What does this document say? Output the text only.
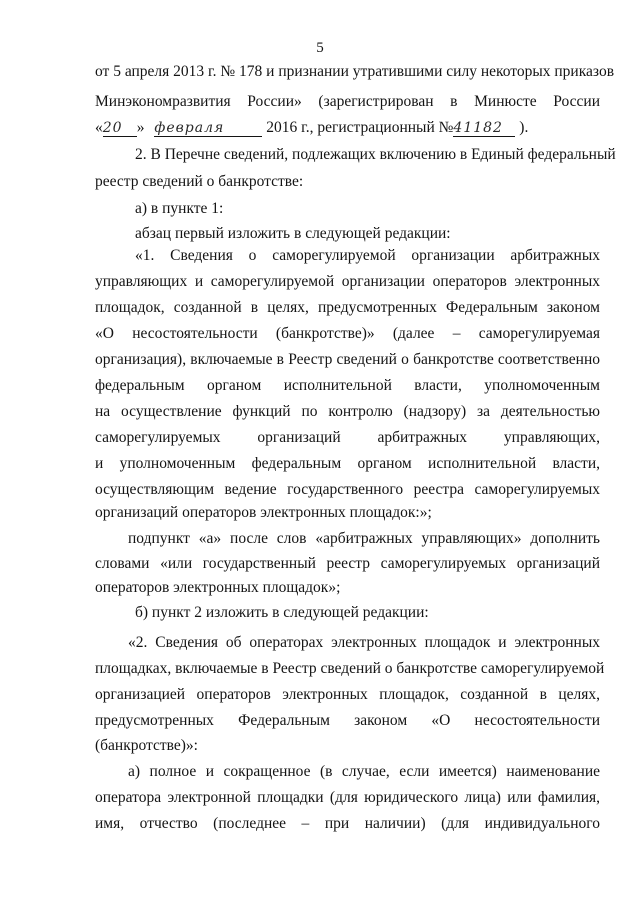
5
от 5 апреля 2013 г. № 178 и признании утратившими силу некоторых приказов
Минэкономразвития России» (зарегистрирован в Минюсте России
«20 » февраля	2016 г., регистрационный №41182 ).
2. В Перечне сведений, подлежащих включению в Единый федеральный
реестр сведений о банкротстве:
а) в пункте 1:
абзац первый изложить в следующей редакции:
«1. Сведения о саморегулируемой организации арбитражных
управляющих и саморегулируемой организации операторов электронных
площадок, созданной в целях, предусмотренных Федеральным законом
«О несостоятельности (банкротстве)» (далее – саморегулируемая
организация), включаемые в Реестр сведений о банкротстве соответственно
федеральным органом исполнительной власти, уполномоченным
на осуществление функций по контролю (надзору) за деятельностью
саморегулируемых организаций арбитражных управляющих,
и уполномоченным федеральным органом исполнительной власти,
осуществляющим ведение государственного реестра саморегулируемых
организаций операторов электронных площадок:»;
подпункт «а» после слов «арбитражных управляющих» дополнить
словами «или государственный реестр саморегулируемых организаций
операторов электронных площадок»;
б) пункт 2 изложить в следующей редакции:
«2. Сведения об операторах электронных площадок и электронных
площадках, включаемые в Реестр сведений о банкротстве саморегулируемой
организацией операторов электронных площадок, созданной в целях,
предусмотренных Федеральным законом «О несостоятельности
(банкротстве)»:
а) полное и сокращенное (в случае, если имеется) наименование
оператора электронной площадки (для юридического лица) или фамилия,
имя, отчество (последнее – при наличии) (для индивидуального
